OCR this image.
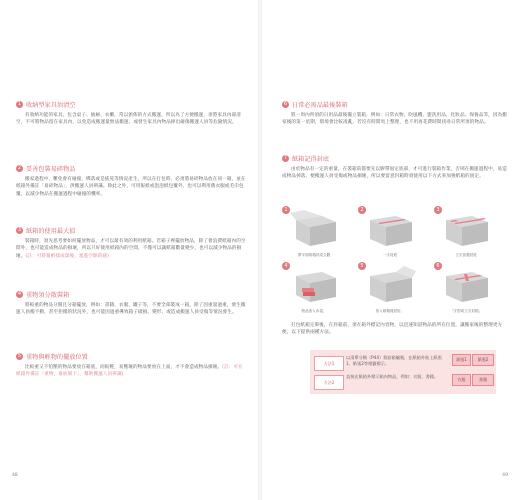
1 收納型家具須清空
有收納功能的家具，包含桌子、抽屜、衣櫃，常以頒佈的方式搬運，所以為了方便搬運，須將家具內部清空，不可將物品留在家具內，以免造成搬運量無法搬運，或發生家具內物品掉出碰傷搬運人員等危險情況。
2 妥善包裝易碎物品
搬家過程中，難免會有碰撞，綁落或是搖晃等情況產生，所以在打包時，必須將易碎物品放在同一箱，並在紙箱外備註「易碎物品」，供搬運人員辨識。除此之外，可用報紙或泡泡紙包覆外，也可以利用舊衣服或毛巾包覆，以減少物品在搬運過程中碰撞的機率。
3 紙箱的使用最大值
裝箱時，須先思考要如何擺放物品，才可以最有效的利用紙箱。若箱子裡擺放物品，除了會浪費紙箱內的空間外，也可能造成物品的損壞，所以只好使用紙箱內的空間，不僅可以讓紙箱數量變少，也可以減少物品的損壞。(註：可將報紙揉成球後，塞進空隙的縫)
4 重物須分散裝箱
將較重的物品分開且分箱擺放，例如：書籍、衣服、罐子等，不要全部裝成一箱，除了因重量過重，發生搬運人員搬不動，甚至拒搬的狀況外，也可能因過重導致箱子破損、變形，或造成搬運人員受傷等情況發生。
5 重物與輕物的擺放位置
比較重又不怕壓的物品要放在箱底，而較輕，易壓壞的物品要放在上面，才不會造成物品損壞。(註：可在紙箱外備註「重物，靠底層下」，幫助搬運人員辨識)
48
6 日常必需品最後裝箱
將一周內所須的日用品最後獨立裝箱，例如：日常衣物、吹風機、盥洗用品、化妝品、保養品等，因為搬家後的第一星期，環境會比較凌亂，若沒有時間馬上整理，也不用再花費時間找尋日常所須的物品。
7 紙箱記得封底
由於物品有一定的重量，在裝箱前都要先以膠帶固定底部，才可進行裝箱作業，否則在搬運過程中，易造成物品掉落，便搬運人員受傷或物品損壞，所以要留意封箱時須使用以下方式來加強紙箱的固定。
1
將平面紙箱折成立體
2
一字封底
3
王字加強封底
4
物品放入內袋，
5
放入紙箱裡封好。
6
「字型或王字封箱」
打包紙箱完畢後，在封箱前，須在箱外標記內容物，以迅速知道物品的所在位置，讓搬家後的整理更方便，以下提供兩種方法。
方法1
以清單分類（P44）寫給箱編號，在紙箱外貼上紙張1、紙張2等標籤標示。
方法2
直接在紙箱外標示箱內物品，例如：衣服、書籍。
紙張1	紙張2
衣服	書籍
49
